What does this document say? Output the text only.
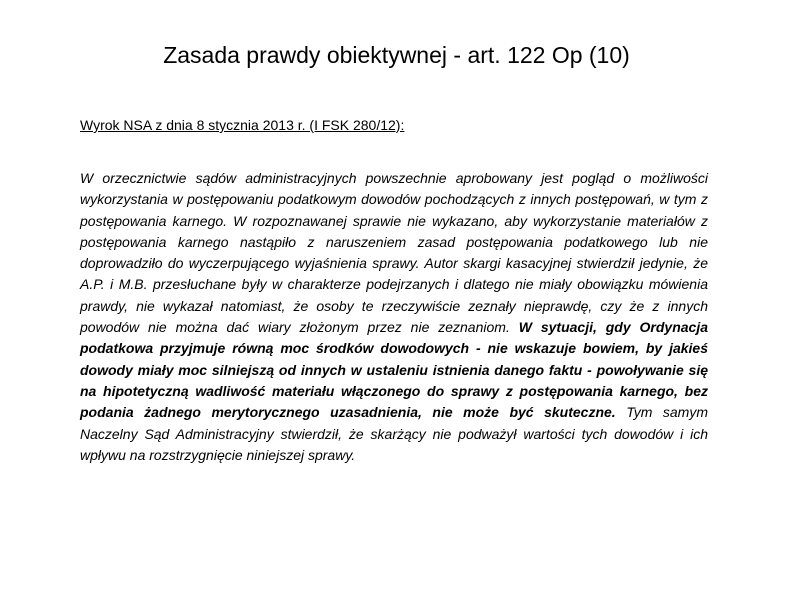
Zasada prawdy obiektywnej - art. 122 Op (10)

Wyrok NSA z dnia 8 stycznia 2013 r. (I FSK 280/12):

W orzecznictwie sądów administracyjnych powszechnie aprobowany jest pogląd o możliwości wykorzystania w postępowaniu podatkowym dowodów pochodzących z innych postępowań, w tym z postępowania karnego. W rozpoznawanej sprawie nie wykazano, aby wykorzystanie materiałów z postępowania karnego nastąpiło z naruszeniem zasad postępowania podatkowego lub nie doprowadziło do wyczerpującego wyjaśnienia sprawy. Autor skargi kasacyjnej stwierdził jedynie, że A.P. i M.B. przesłuchane były w charakterze podejrzanych i dlatego nie miały obowiązku mówienia prawdy, nie wykazał natomiast, że osoby te rzeczywiście zeznały nieprawdę, czy że z innych powodów nie można dać wiary złożonym przez nie zeznaniom. W sytuacji, gdy Ordynacja podatkowa przyjmuje równą moc środków dowodowych - nie wskazuje bowiem, by jakieś dowody miały moc silniejszą od innych w ustaleniu istnienia danego faktu - powoływanie się na hipotetyczną wadliwość materiału włączonego do sprawy z postępowania karnego, bez podania żadnego merytorycznego uzasadnienia, nie może być skuteczne. Tym samym Naczelny Sąd Administracyjny stwierdził, że skarżący nie podważył wartości tych dowodów i ich wpływu na rozstrzygnięcie niniejszej sprawy.
